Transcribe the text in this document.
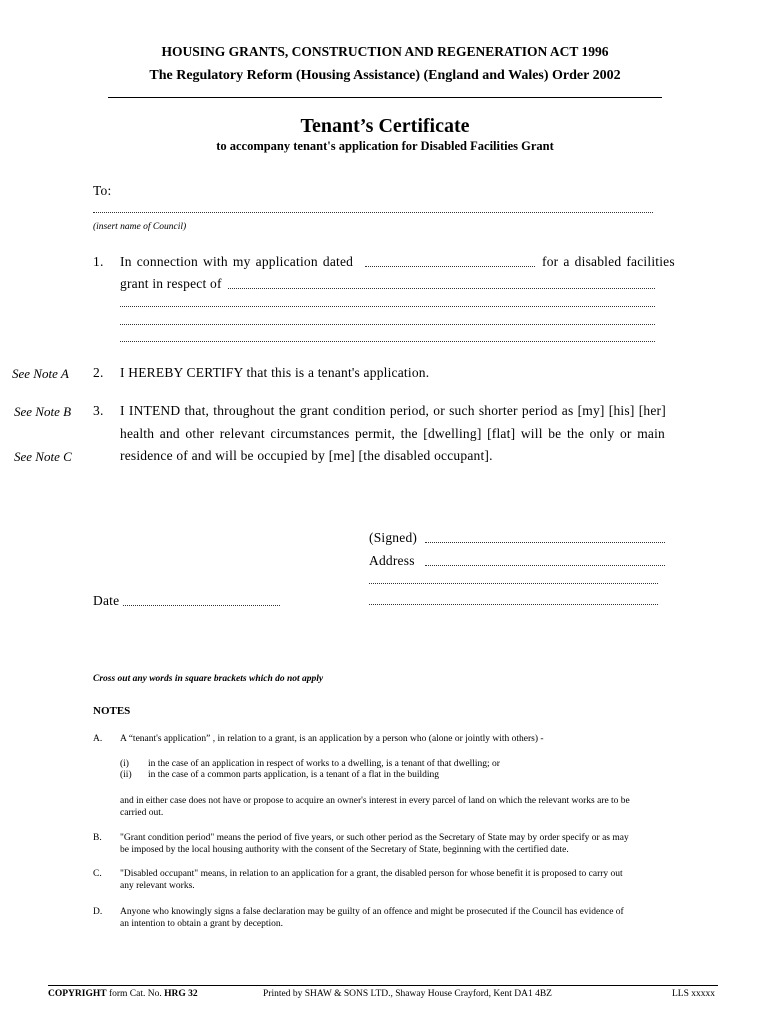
HOUSING GRANTS, CONSTRUCTION AND REGENERATION ACT 1996
The Regulatory Reform (Housing Assistance) (England and Wales) Order 2002
Tenant’s Certificate
to accompany tenant's application for Disabled Facilities Grant
To:
(insert name of Council)
1. In connection with my application dated	for a disabled facilities
grant in respect of
See Note A 2. I HEREBY CERTIFY that this is a tenant's application.
See Note B
See Note C
3. I INTEND that, throughout the grant condition period, or such shorter period as [my] [his] [her]
health and other relevant circumstances permit, the [dwelling] [flat] will be the only or main
residence of and will be occupied by [me] [the disabled occupant].
(Signed)
Address
Date
Cross out any words in square brackets which do not apply
NOTES
A. A “tenant's application” , in relation to a grant, is an application by a person who (alone or jointly with others) -
(i) in the case of an application in respect of works to a dwelling, is a tenant of that dwelling; or
(ii) in the case of a common parts application, is a tenant of a flat in the building
and in either case does not have or propose to acquire an owner's interest in every parcel of land on which the relevant works are to be
carried out.
B. "Grant condition period" means the period of five years, or such other period as the Secretary of State may by order specify or as may
be imposed by the local housing authority with the consent of the Secretary of State, beginning with the certified date.
C. "Disabled occupant" means, in relation to an application for a grant, the disabled person for whose benefit it is proposed to carry out
any relevant works.
D. Anyone who knowingly signs a false declaration may be guilty of an offence and might be prosecuted if the Council has evidence of
an intention to obtain a grant by deception.
COPYRIGHT form Cat. No. HRG 32	Printed by SHAW & SONS LTD., Shaway House Crayford, Kent DA1 4BZ	LLS xxxxx
